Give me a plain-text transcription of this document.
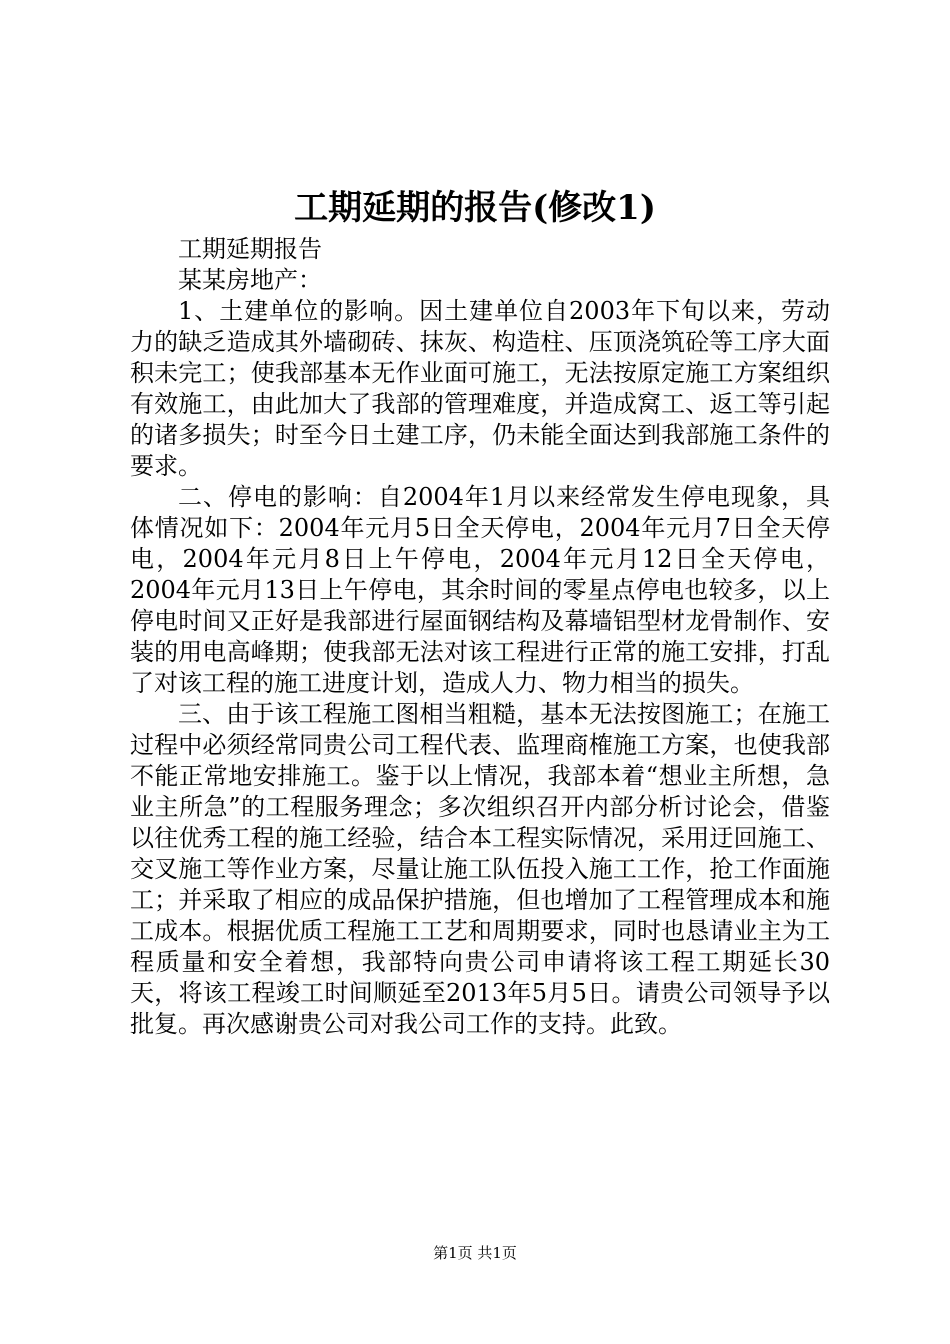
工期延期的报告(修改1)

工期延期报告

某某房地产：

1、土建单位的影响。因土建单位自2003年下旬以来，劳动力的缺乏造成其外墙砌砖、抹灰、构造柱、压顶浇筑砼等工序大面积未完工；使我部基本无作业面可施工，无法按原定施工方案组织有效施工，由此加大了我部的管理难度，并造成窝工、返工等引起的诸多损失；时至今日土建工序，仍未能全面达到我部施工条件的要求。

二、停电的影响：自2004年1月以来经常发生停电现象，具体情况如下：2004年元月5日全天停电，2004年元月7日全天停电，2004年元月8日上午停电，2004年元月12日全天停电，2004年元月13日上午停电，其余时间的零星点停电也较多，以上停电时间又正好是我部进行屋面钢结构及幕墙铝型材龙骨制作、安装的用电高峰期；使我部无法对该工程进行正常的施工安排，打乱了对该工程的施工进度计划，造成人力、物力相当的损失。

三、由于该工程施工图相当粗糙，基本无法按图施工；在施工过程中必须经常同贵公司工程代表、监理商榷施工方案，也使我部不能正常地安排施工。鉴于以上情况，我部本着“想业主所想，急业主所急”的工程服务理念；多次组织召开内部分析讨论会，借鉴以往优秀工程的施工经验，结合本工程实际情况，采用迂回施工、交叉施工等作业方案，尽量让施工队伍投入施工工作，抢工作面施工；并采取了相应的成品保护措施，但也增加了工程管理成本和施工成本。根据优质工程施工工艺和周期要求，同时也恳请业主为工程质量和安全着想，我部特向贵公司申请将该工程工期延长30天，将该工程竣工时间顺延至2013年5月5日。请贵公司领导予以批复。再次感谢贵公司对我公司工作的支持。此致。

第1页 共1页
